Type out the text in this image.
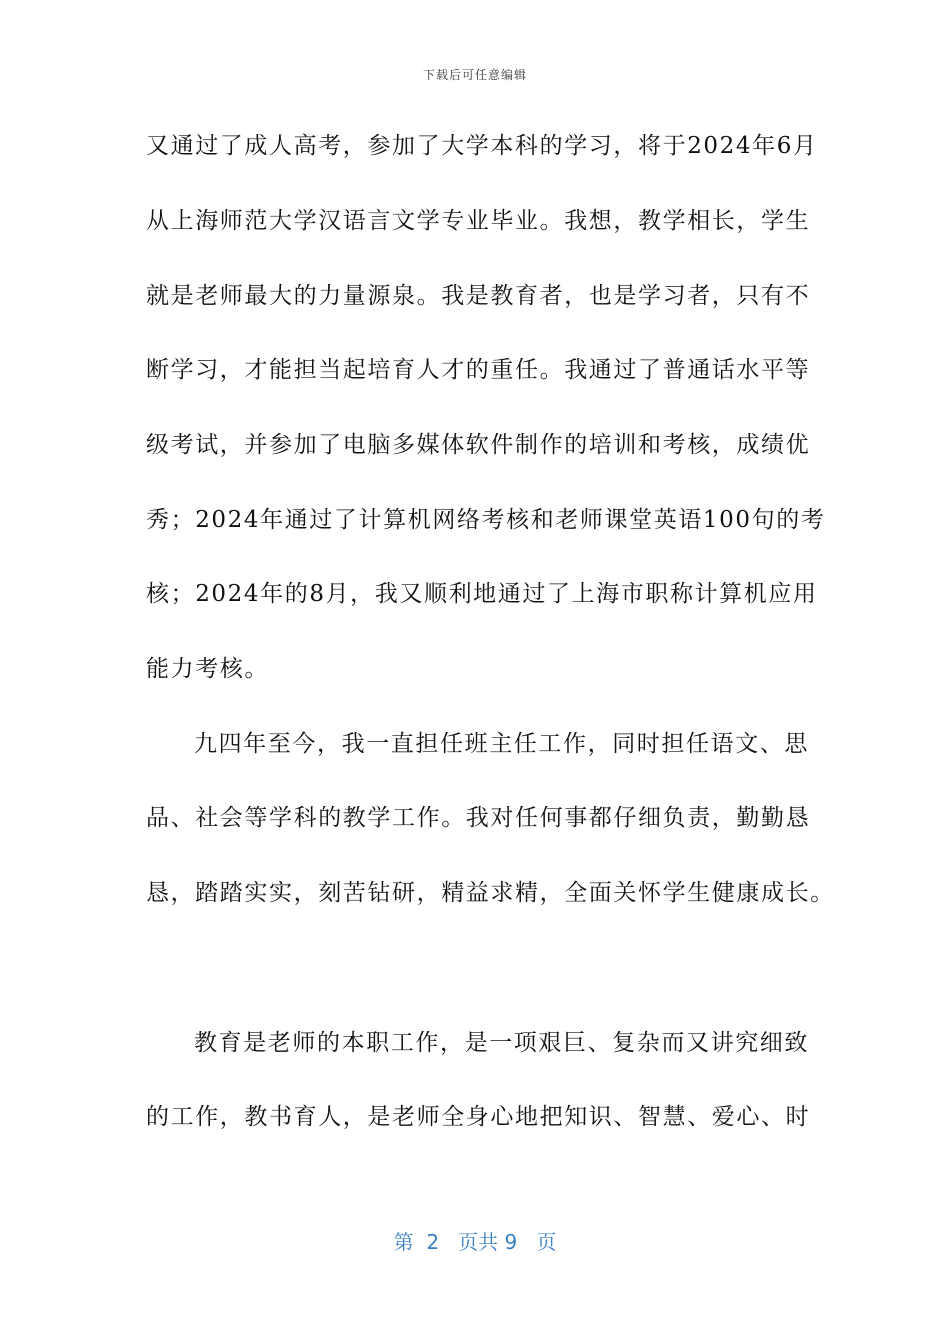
下载后可任意编辑
又通过了成人高考，参加了大学本科的学习，将于2024年6月
从上海师范大学汉语言文学专业毕业。我想，教学相长，学生
就是老师最大的力量源泉。我是教育者，也是学习者，只有不
断学习，才能担当起培育人才的重任。我通过了普通话水平等
级考试，并参加了电脑多媒体软件制作的培训和考核，成绩优
秀；2024年通过了计算机网络考核和老师课堂英语100句的考
核；2024年的8月，我又顺利地通过了上海市职称计算机应用
能力考核。
九四年至今，我一直担任班主任工作，同时担任语文、思
品、社会等学科的教学工作。我对任何事都仔细负责，勤勤恳
恳，踏踏实实，刻苦钻研，精益求精，全面关怀学生健康成长。
教育是老师的本职工作，是一项艰巨、复杂而又讲究细致
的工作，教书育人，是老师全身心地把知识、智慧、爱心、时
第  2   页共 9   页
